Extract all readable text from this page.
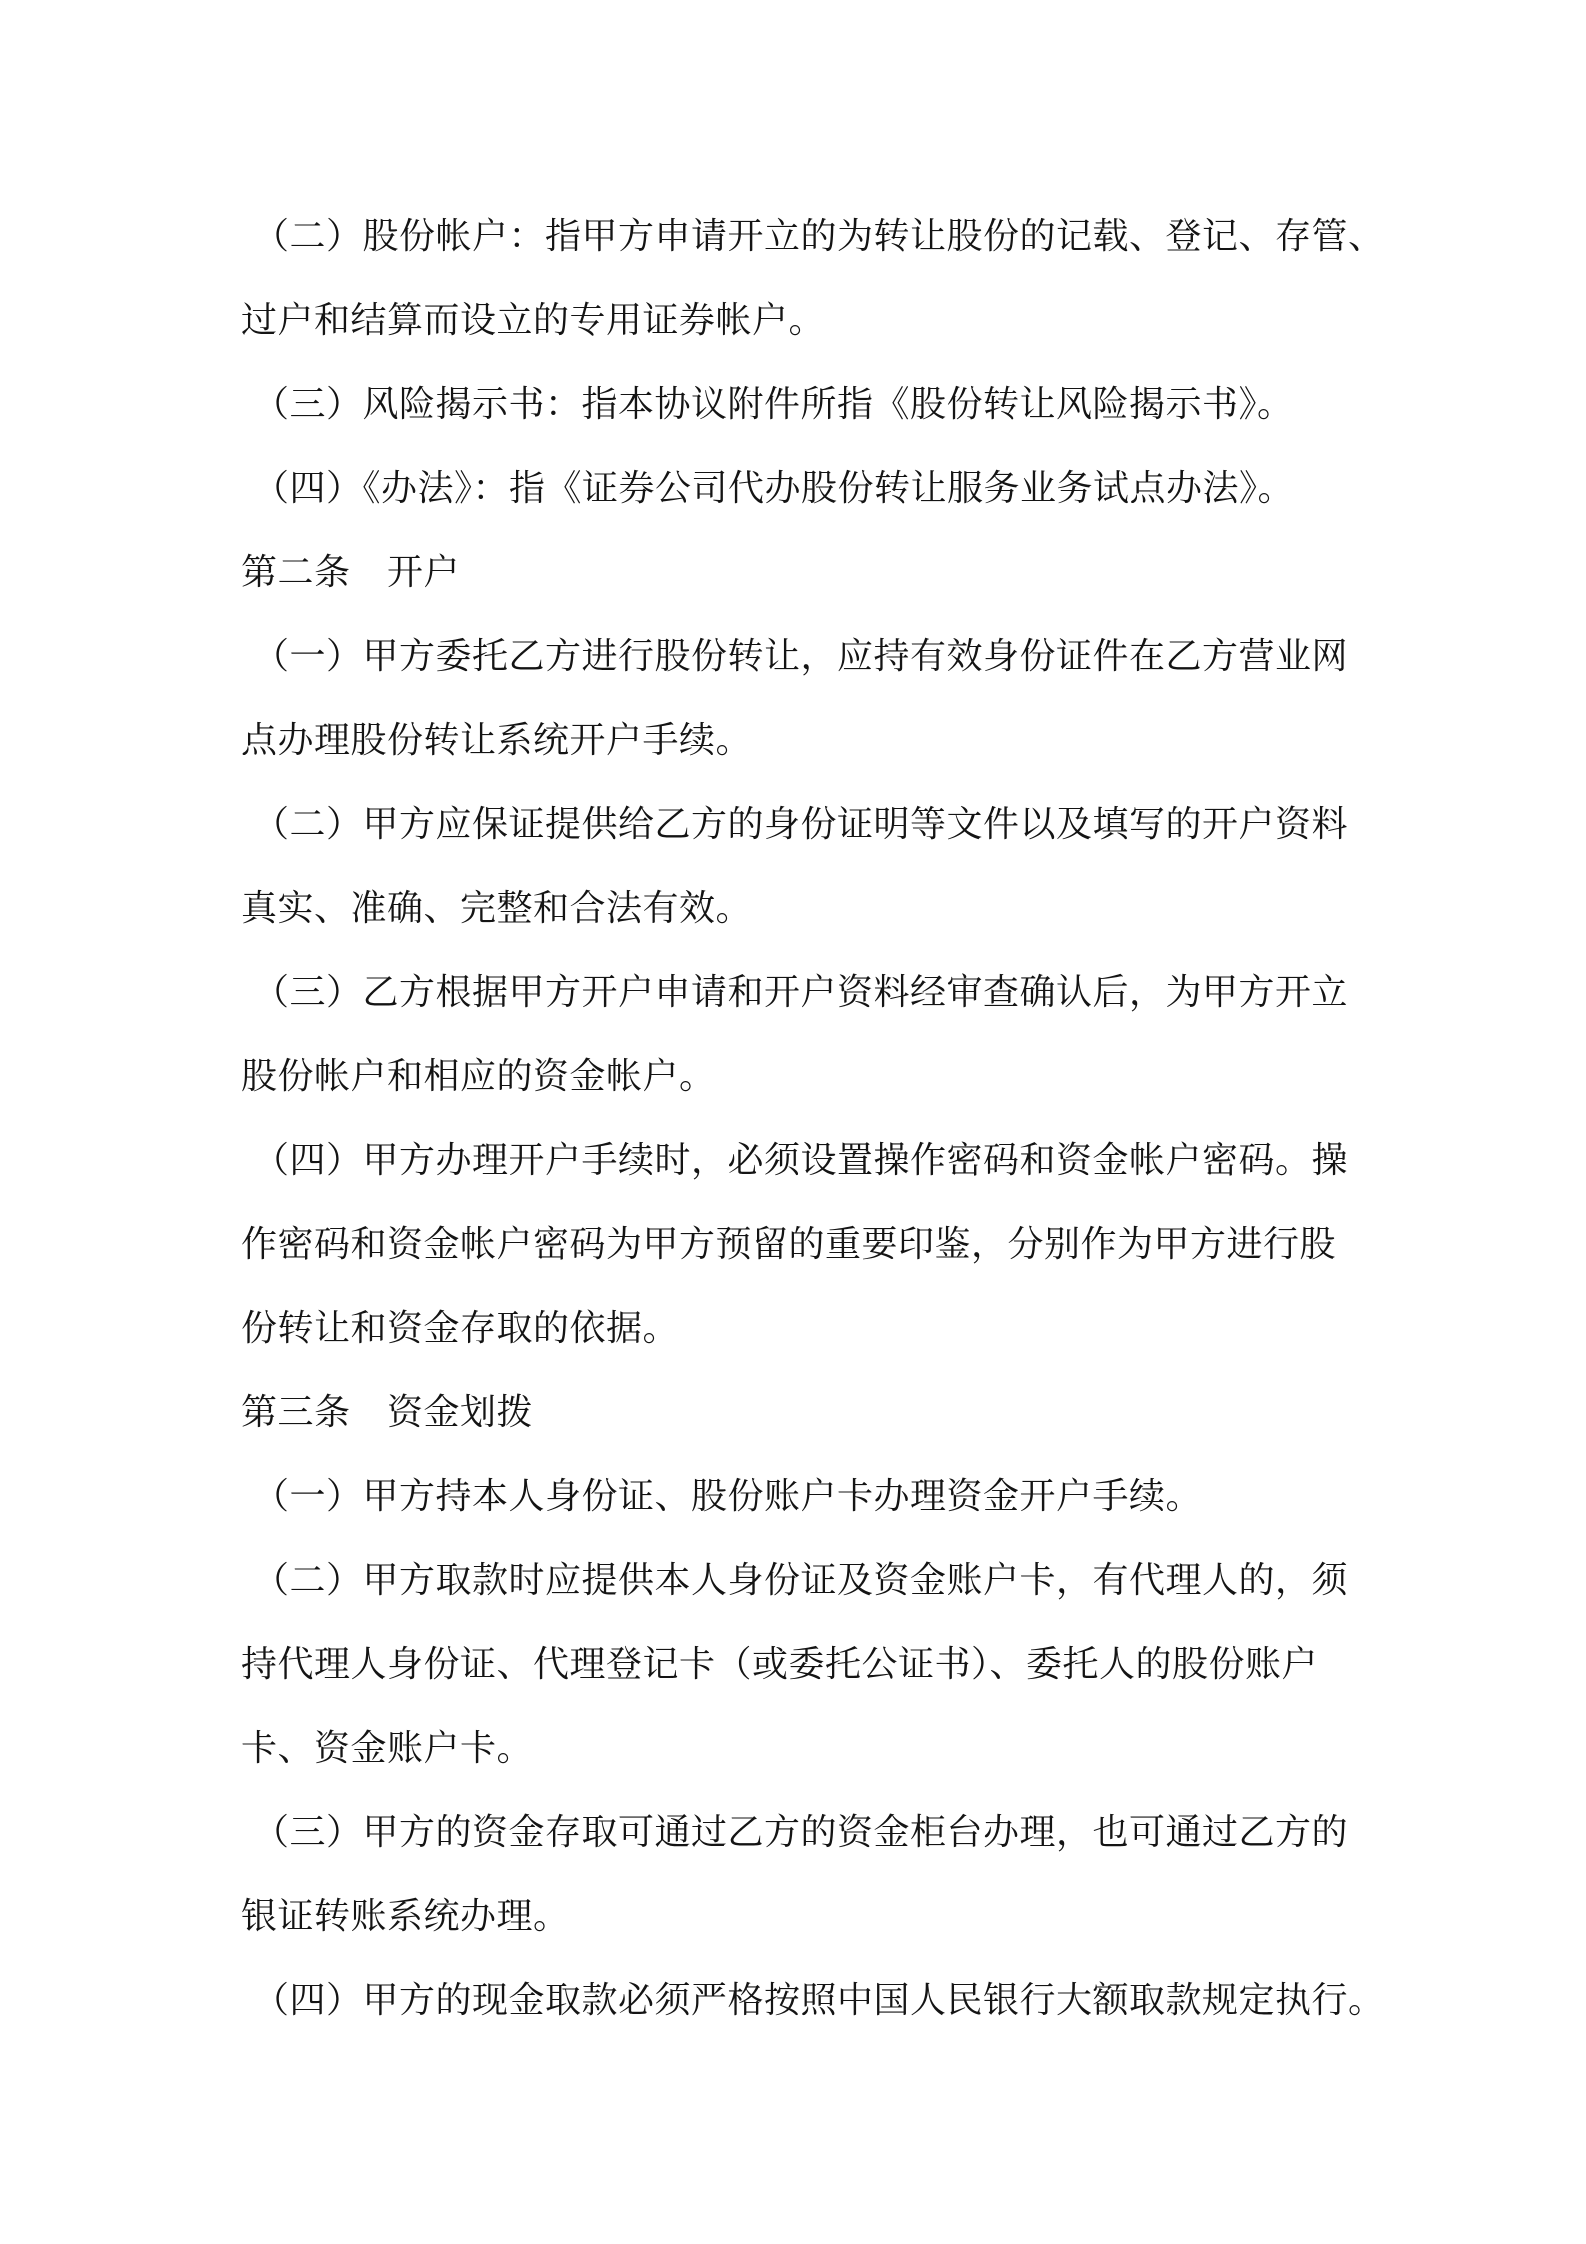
（二）股份帐户：指甲方申请开立的为转让股份的记载、登记、存管、
过户和结算而设立的专用证券帐户。
（三）风险揭示书：指本协议附件所指《股份转让风险揭示书》。
（四）《办法》：指《证券公司代办股份转让服务业务试点办法》。
第二条　开户
（一）甲方委托乙方进行股份转让，应持有效身份证件在乙方营业网
点办理股份转让系统开户手续。
（二）甲方应保证提供给乙方的身份证明等文件以及填写的开户资料
真实、准确、完整和合法有效。
（三）乙方根据甲方开户申请和开户资料经审查确认后，为甲方开立
股份帐户和相应的资金帐户。
（四）甲方办理开户手续时，必须设置操作密码和资金帐户密码。操
作密码和资金帐户密码为甲方预留的重要印鉴，分别作为甲方进行股
份转让和资金存取的依据。
第三条　资金划拨
（一）甲方持本人身份证、股份账户卡办理资金开户手续。
（二）甲方取款时应提供本人身份证及资金账户卡，有代理人的，须
持代理人身份证、代理登记卡（或委托公证书）、委托人的股份账户
卡、资金账户卡。
（三）甲方的资金存取可通过乙方的资金柜台办理，也可通过乙方的
银证转账系统办理。
（四）甲方的现金取款必须严格按照中国人民银行大额取款规定执行。
